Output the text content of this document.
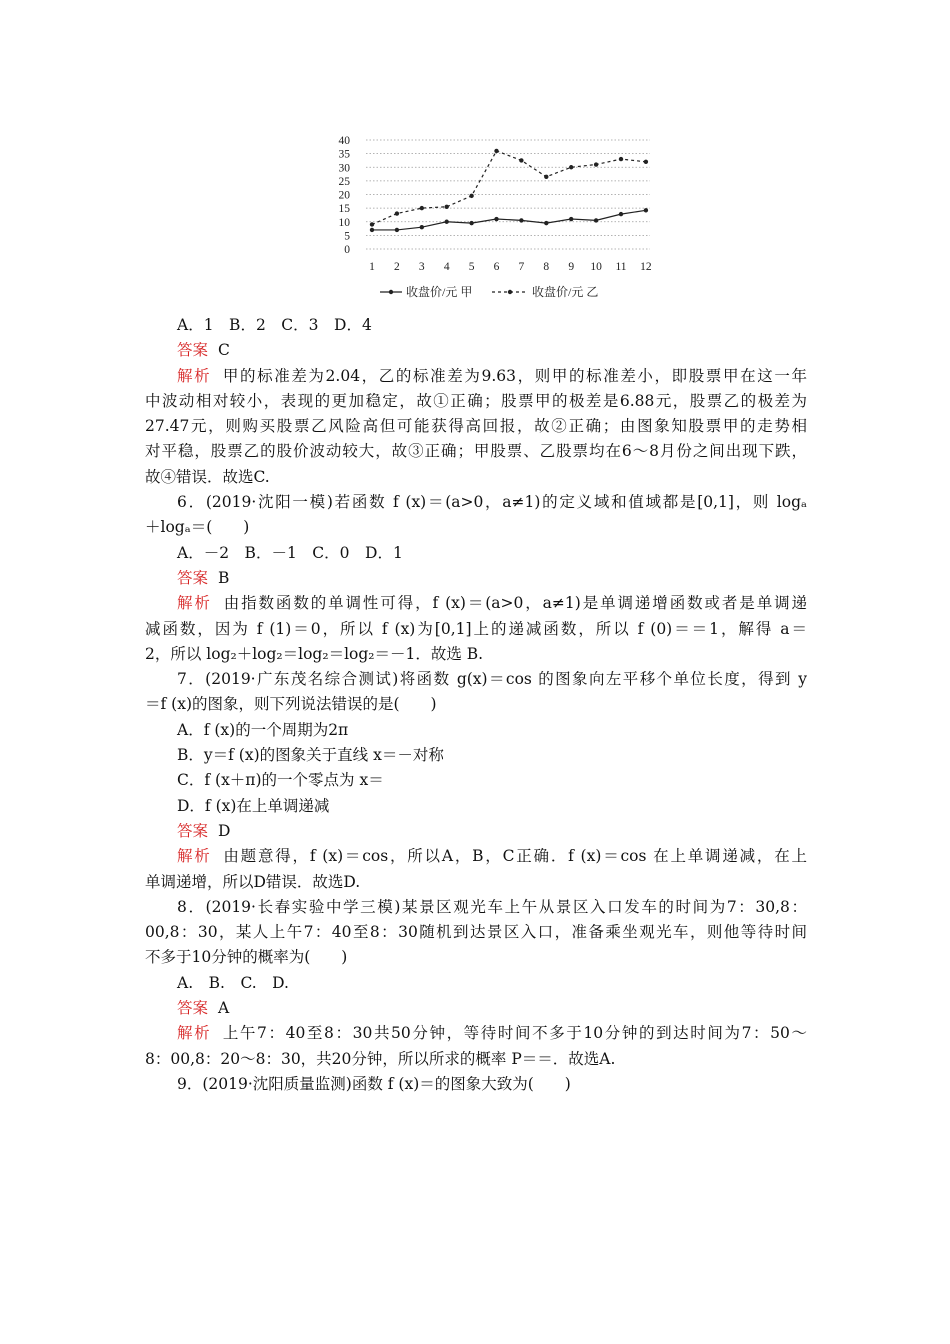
0
5
10
15
20
25
30
35
40
1 2 3 4 5 6 7 8 9 10 11 12
收盘价/元 甲	收盘价/元 乙

A．1　B．2　C．3　D．4

答案 C

解析 甲的标准差为2.04，乙的标准差为9.63，则甲的标准差小，即股票甲在这一年

中波动相对较小，表现的更加稳定，故①正确；股票甲的极差是6.88元，股票乙的极差为

27.47元，则购买股票乙风险高但可能获得高回报，故②正确；由图象知股票甲的走势相

对平稳，股票乙的股价波动较大，故③正确；甲股票、乙股票均在6～8月份之间出现下跌，

故④错误．故选C.

6．(2019·沈阳一模)若函数 f (x)＝(a>0，a≠1)的定义域和值域都是[0,1]，则 logₐ

＋logₐ＝(　　)

A．－2　B．－1　C．0　D．1

答案 B

解析 由指数函数的单调性可得，f (x)＝(a>0，a≠1)是单调递增函数或者是单调递

减函数，因为 f (1)＝0，所以 f (x)为[0,1]上的递减函数，所以 f (0)＝＝1，解得 a＝

2，所以 log₂＋log₂＝log₂＝log₂＝－1．故选 B.

7．(2019·广东茂名综合测试)将函数 g(x)＝cos 的图象向左平移个单位长度，得到 y

＝f (x)的图象，则下列说法错误的是(　　)

A．f (x)的一个周期为2π

B．y＝f (x)的图象关于直线 x＝－对称

C．f (x＋π)的一个零点为 x＝

D．f (x)在上单调递减

答案 D

解析 由题意得，f (x)＝cos，所以A，B，C正确．f (x)＝cos 在上单调递减，在上

单调递增，所以D错误．故选D.

8．(2019·长春实验中学三模)某景区观光车上午从景区入口发车的时间为7：30,8：

00,8：30，某人上午7：40至8：30随机到达景区入口，准备乘坐观光车，则他等待时间

不多于10分钟的概率为(　　)

A.　B.　C.　D.

答案 A

解析 上午7：40至8：30共50分钟，等待时间不多于10分钟的到达时间为7：50～

8：00,8：20～8：30，共20分钟，所以所求的概率 P＝＝．故选A.

9．(2019·沈阳质量监测)函数 f (x)＝的图象大致为(　　)
